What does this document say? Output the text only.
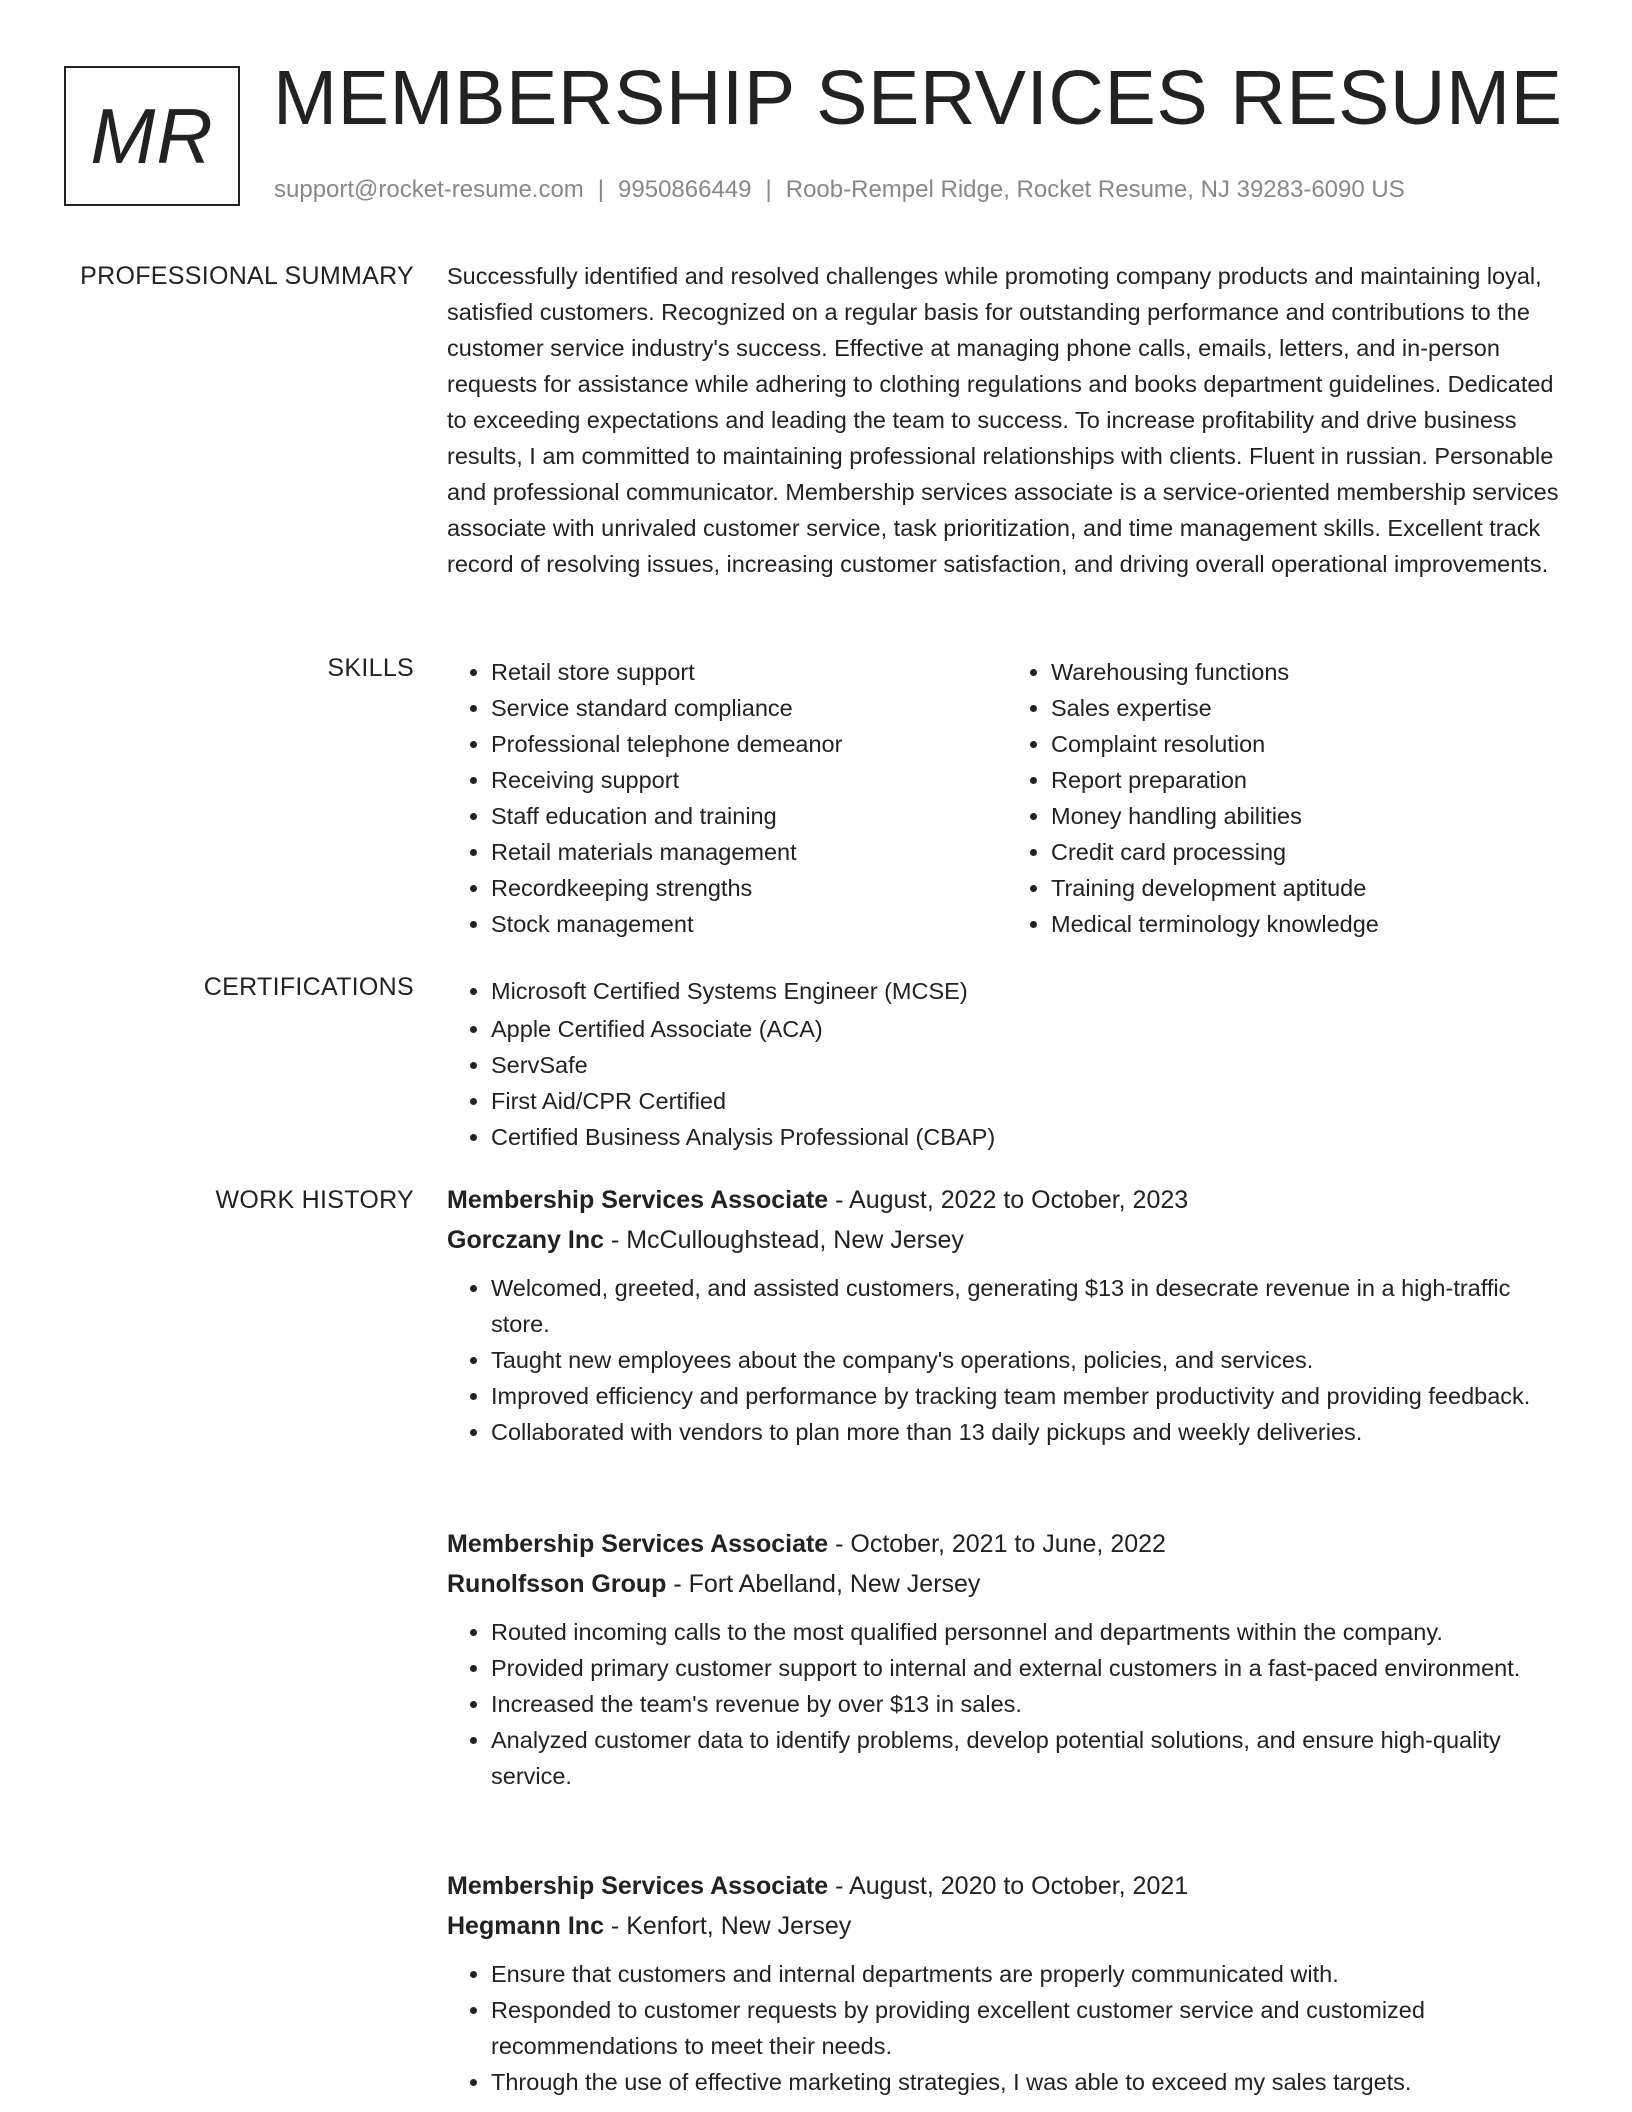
MR MEMBERSHIP SERVICES RESUME
support@rocket-resume.com | 9950866449 | Roob-Rempel Ridge, Rocket Resume, NJ 39283-6090 US
PROFESSIONAL SUMMARY Successfully identified and resolved challenges while promoting company products and maintaining loyal, satisfied customers. Recognized on a regular basis for outstanding performance and contributions to the customer service industry's success. Effective at managing phone calls, emails, letters, and in-person requests for assistance while adhering to clothing regulations and books department guidelines. Dedicated to exceeding expectations and leading the team to success. To increase profitability and drive business results, I am committed to maintaining professional relationships with clients. Fluent in russian. Personable and professional communicator. Membership services associate is a service-oriented membership services associate with unrivaled customer service, task prioritization, and time management skills. Excellent track record of resolving issues, increasing customer satisfaction, and driving overall operational improvements.

SKILLS	• Retail store support
• Service standard compliance
• Professional telephone demeanor
• Receiving support
• Staff education and training
• Retail materials management
• Recordkeeping strengths
• Stock management
• Warehousing functions
• Sales expertise
• Complaint resolution
• Report preparation
• Money handling abilities
• Credit card processing
• Training development aptitude
• Medical terminology knowledge
CERTIFICATIONS	• Microsoft Certified Systems Engineer (MCSE)
• Apple Certified Associate (ACA)
• ServSafe
• First Aid/CPR Certified
• Certified Business Analysis Professional (CBAP)
WORK HISTORY Membership Services Associate - August, 2022 to October, 2023
Gorczany Inc - McCulloughstead, New Jersey
• Welcomed, greeted, and assisted customers, generating $13 in desecrate revenue in a high-traffic store.
• Taught new employees about the company's operations, policies, and services.
• Improved efficiency and performance by tracking team member productivity and providing feedback.
• Collaborated with vendors to plan more than 13 daily pickups and weekly deliveries.
Membership Services Associate - October, 2021 to June, 2022
Runolfsson Group - Fort Abelland, New Jersey
• Routed incoming calls to the most qualified personnel and departments within the company.
• Provided primary customer support to internal and external customers in a fast-paced environment.
• Increased the team's revenue by over $13 in sales.
• Analyzed customer data to identify problems, develop potential solutions, and ensure high-quality service.
Membership Services Associate - August, 2020 to October, 2021
Hegmann Inc - Kenfort, New Jersey
• Ensure that customers and internal departments are properly communicated with.
• Responded to customer requests by providing excellent customer service and customized recommendations to meet their needs.
• Through the use of effective marketing strategies, I was able to exceed my sales targets.
